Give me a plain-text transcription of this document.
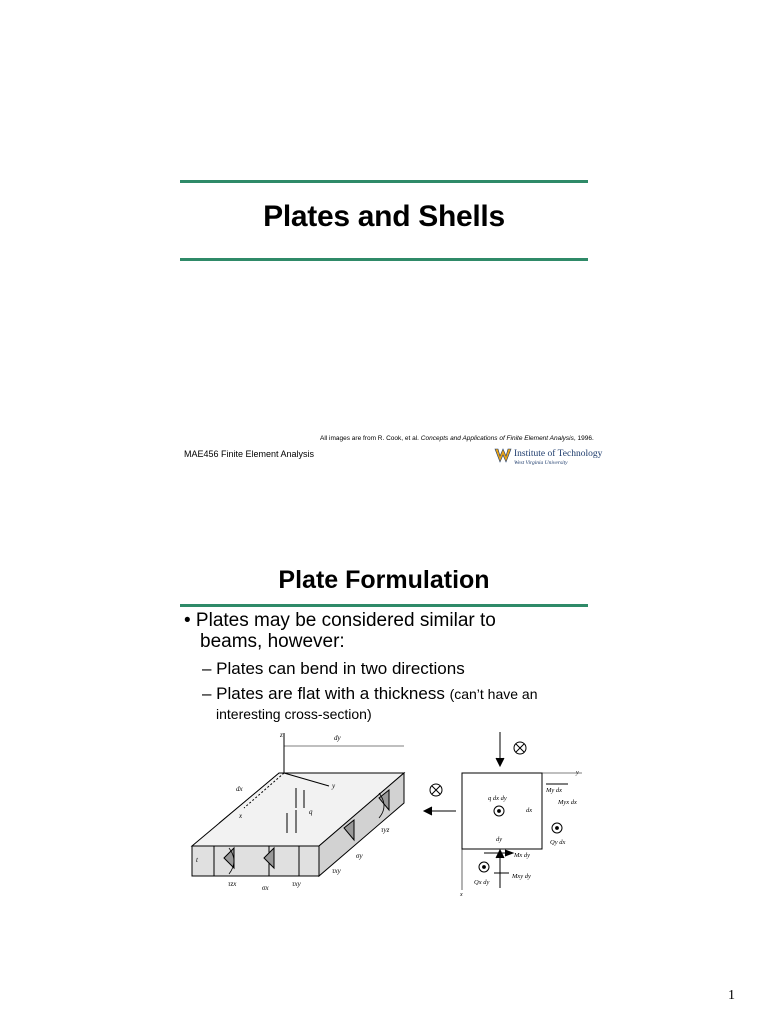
Plates and Shells
All images are from R. Cook, et al. Concepts and Applications of Finite Element Analysis, 1996.
MAE456 Finite Element Analysis	Institute of Technology
West Virginia University
Plate Formulation
• Plates may be considered similar to
beams, however:
– Plates can bend in two directions
– Plates are flat with a thickness (can’t have an
interesting cross-section)
z	dy
dx
x
y
q
t	σy
τyz
τxy
τzx	σx	τxy
y
x
q dx dy
dx
dy
My dx
Myx dx
Qy dx
Mx dy
Qx dy
Mxy dy
1
